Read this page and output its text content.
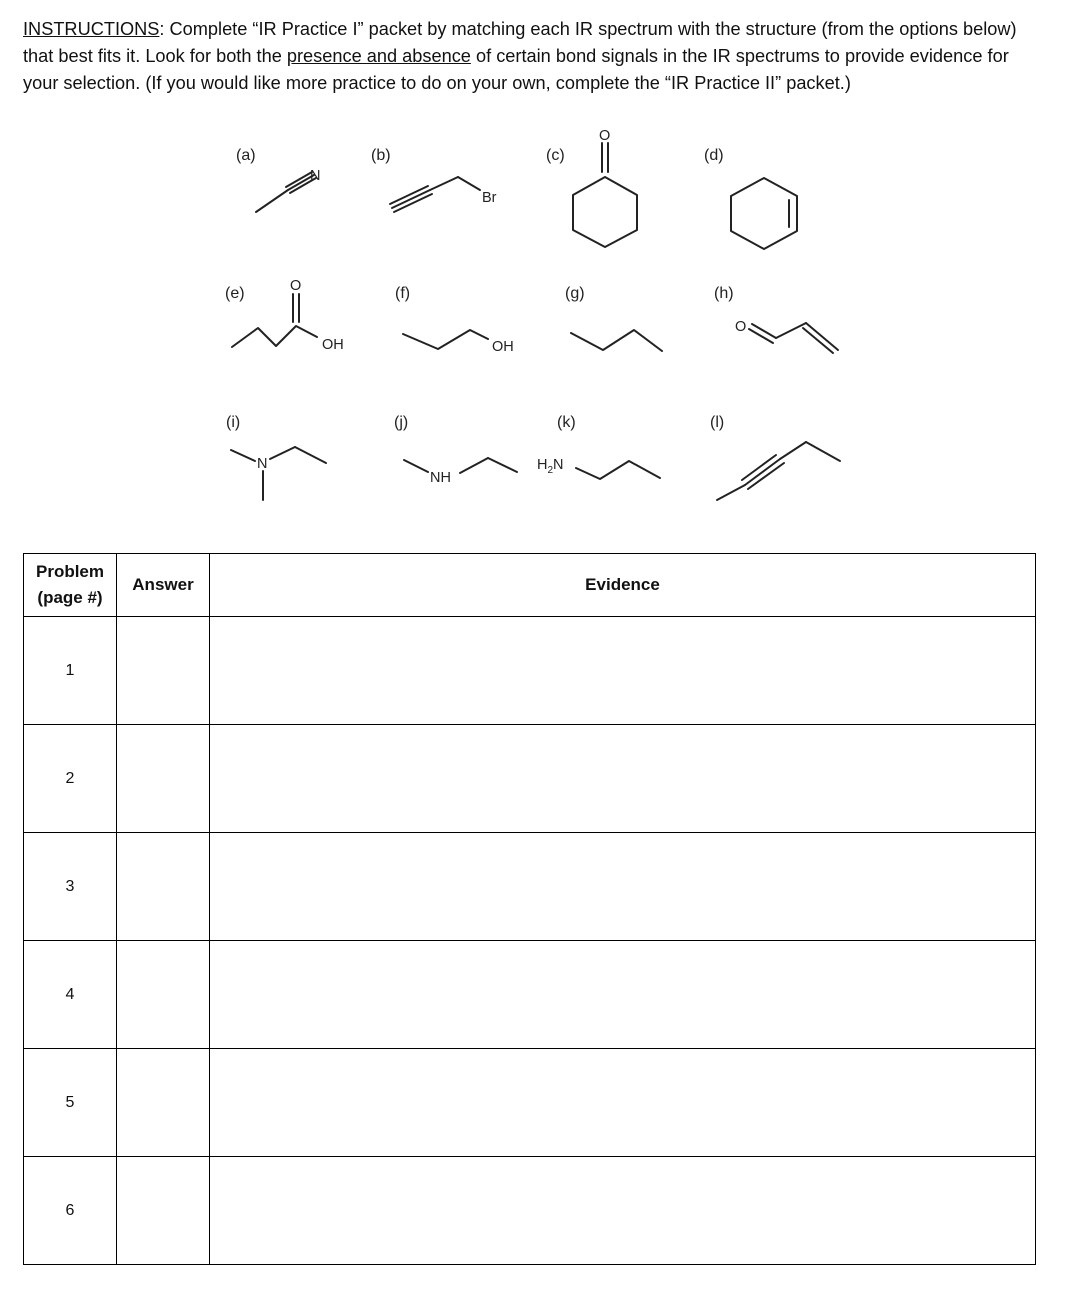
INSTRUCTIONS: Complete “IR Practice I” packet by matching each IR spectrum with the structure (from the options below) that best fits it. Look for both the presence and absence of certain bond signals in the IR spectrums to provide evidence for your selection. (If you would like more practice to do on your own, complete the “IR Practice II” packet.)

(a)
N
(b)
Br
(c)
O
(d)
(e)	O
OH
(f)
OH
(g)	(h)
O
(i)
N
(j)
NH
(k)
$H_2N$
(l)
Problem
(page #)	Answer	Evidence
1		
2		
3		
4		
5		
6		
